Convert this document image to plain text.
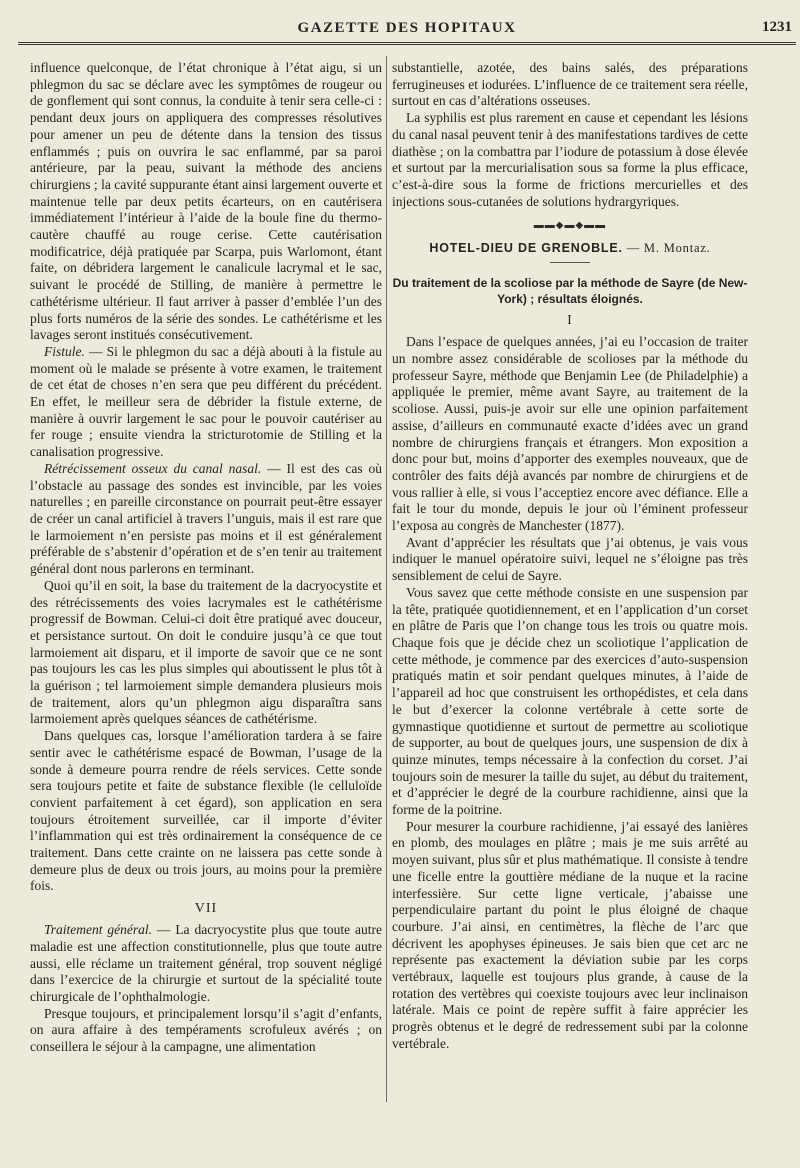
GAZETTE DES HOPITAUX	1231

influence quelconque, de l’état chronique à l’état aigu, si un phlegmon du sac se déclare avec les symptômes de rougeur ou de gonflement qui sont connus, la conduite à tenir sera celle-ci : pendant deux jours on appliquera des compresses résolutives pour amener un peu de détente dans la tension des tissus enflammés ; puis on ouvrira le sac enflammé, par sa paroi antérieure, par la peau, suivant la méthode des anciens chirurgiens ; la cavité suppurante étant ainsi largement ouverte et maintenue telle par deux petits écarteurs, on en cautérisera immédiatement l’intérieur à l’aide de la boule fine du thermo-cautère chauffé au rouge cerise. Cette cautérisation modificatrice, déjà pratiquée par Scarpa, puis Warlomont, étant faite, on débridera largement le canalicule lacrymal et le sac, suivant le procédé de Stilling, de manière à permettre le cathétérisme ultérieur. Il faut arriver à passer d’emblée l’un des plus forts numéros de la série des sondes. Le cathétérisme et les lavages seront institués consécutivement.

Fistule. — Si le phlegmon du sac a déjà abouti à la fistule au moment où le malade se présente à votre examen, le traitement de cet état de choses n’en sera que peu différent du précédent. En effet, le meilleur sera de débrider la fistule externe, de manière à ouvrir largement le sac pour le pouvoir cautériser au fer rouge ; ensuite viendra la stricturotomie de Stilling et la canalisation progressive.

Rétrécissement osseux du canal nasal. — Il est des cas où l’obstacle au passage des sondes est invincible, par les voies naturelles ; en pareille circonstance on pourrait peut-être essayer de créer un canal artificiel à travers l’unguis, mais il est rare que le larmoiement n’en persiste pas moins et il est généralement préférable de s’abstenir d’opération et de s’en tenir au traitement général dont nous parlerons en terminant.

Quoi qu’il en soit, la base du traitement de la dacryocystite et des rétrécissements des voies lacrymales est le cathétérisme progressif de Bowman. Celui-ci doit être pratiqué avec douceur, et persistance surtout. On doit le conduire jusqu’à ce que tout larmoiement ait disparu, et il importe de savoir que ce ne sont pas toujours les cas les plus simples qui aboutissent le plus tôt à la guérison ; tel larmoiement simple demandera plusieurs mois de traitement, alors qu’un phlegmon aigu disparaîtra sans larmoiement après quelques séances de cathétérisme.

Dans quelques cas, lorsque l’amélioration tardera à se faire sentir avec le cathétérisme espacé de Bowman, l’usage de la sonde à demeure pourra rendre de réels services. Cette sonde sera toujours petite et faite de substance flexible (le celluloïde convient parfaitement à cet égard), son application en sera toujours étroitement surveillée, car il importe d’éviter l’inflammation qui est très ordinairement la conséquence de ce traitement. Dans cette crainte on ne laissera pas cette sonde à demeure plus de deux ou trois jours, au moins pour la première fois.

VII

Traitement général. — La dacryocystite plus que toute autre maladie est une affection constitutionnelle, plus que toute autre aussi, elle réclame un traitement général, trop souvent négligé dans l’exercice de la chirurgie et surtout de la spécialité toute chirurgicale de l’ophthalmologie.

Presque toujours, et principalement lorsqu’il s’agit d’enfants, on aura affaire à des tempéraments scrofuleux avérés ; on conseillera le séjour à la campagne, une alimentation

substantielle, azotée, des bains salés, des préparations ferrugineuses et iodurées. L’influence de ce traitement sera réelle, surtout en cas d’altérations osseuses.

La syphilis est plus rarement en cause et cependant les lésions du canal nasal peuvent tenir à des manifestations tardives de cette diathèse ; on la combattra par l’iodure de potassium à dose élevée et surtout par la mercurialisation sous sa forme la plus efficace, c’est-à-dire sous la forme de frictions mercurielles et des injections sous-cutanées de solutions hydrargyriques.

▬▬◆▬◆▬▬
HOTEL-DIEU DE GRENOBLE. — M. Montaz.
Du traitement de la scoliose par la méthode de Sayre (de New-York) ; résultats éloignés.
I

Dans l’espace de quelques années, j’ai eu l’occasion de traiter un nombre assez considérable de scolioses par la méthode du professeur Sayre, méthode que Benjamin Lee (de Philadelphie) a appliquée le premier, même avant Sayre, au traitement de la scoliose. Aussi, puis-je avoir sur elle une opinion parfaitement assise, d’ailleurs en communauté exacte d’idées avec un grand nombre de chirurgiens français et étrangers. Mon exposition a donc pour but, moins d’apporter des exemples nouveaux, que de contrôler des faits déjà avancés par nombre de chirurgiens et de vous rallier à elle, si vous l’acceptiez encore avec défiance. Elle a fait le tour du monde, depuis le jour où l’éminent professeur l’exposa au congrès de Manchester (1877).

Avant d’apprécier les résultats que j’ai obtenus, je vais vous indiquer le manuel opératoire suivi, lequel ne s’éloigne pas très sensiblement de celui de Sayre.

Vous savez que cette méthode consiste en une suspension par la tête, pratiquée quotidiennement, et en l’application d’un corset en plâtre de Paris que l’on change tous les trois ou quatre mois. Chaque fois que je décide chez un scoliotique l’application de cette méthode, je commence par des exercices d’auto-suspension pratiqués matin et soir pendant quelques minutes, à l’aide de l’appareil ad hoc que construisent les orthopédistes, et cela dans le but d’exercer la colonne vertébrale à cette sorte de gymnastique quotidienne et surtout de permettre au scoliotique de supporter, au bout de quelques jours, une suspension de dix à quinze minutes, temps nécessaire à la confection du corset. J’ai toujours soin de mesurer la taille du sujet, au début du traitement, et d’apprécier le degré de la courbure rachidienne, ainsi que la forme de la poitrine.

Pour mesurer la courbure rachidienne, j’ai essayé des lanières en plomb, des moulages en plâtre ; mais je me suis arrêté au moyen suivant, plus sûr et plus mathématique. Il consiste à tendre une ficelle entre la gouttière médiane de la nuque et la racine interfessière. Sur cette ligne verticale, j’abaisse une perpendiculaire partant du point le plus éloigné de chaque courbure. J’ai ainsi, en centimètres, la flèche de l’arc que décrivent les apophyses épineuses. Je sais bien que cet arc ne représente pas exactement la déviation subie par les corps vertébraux, laquelle est toujours plus grande, à cause de la rotation des vertèbres qui coexiste toujours avec leur inclinaison latérale. Mais ce point de repère suffit à faire apprécier les progrès obtenus et le degré de redressement subi par la colonne vertébrale.
